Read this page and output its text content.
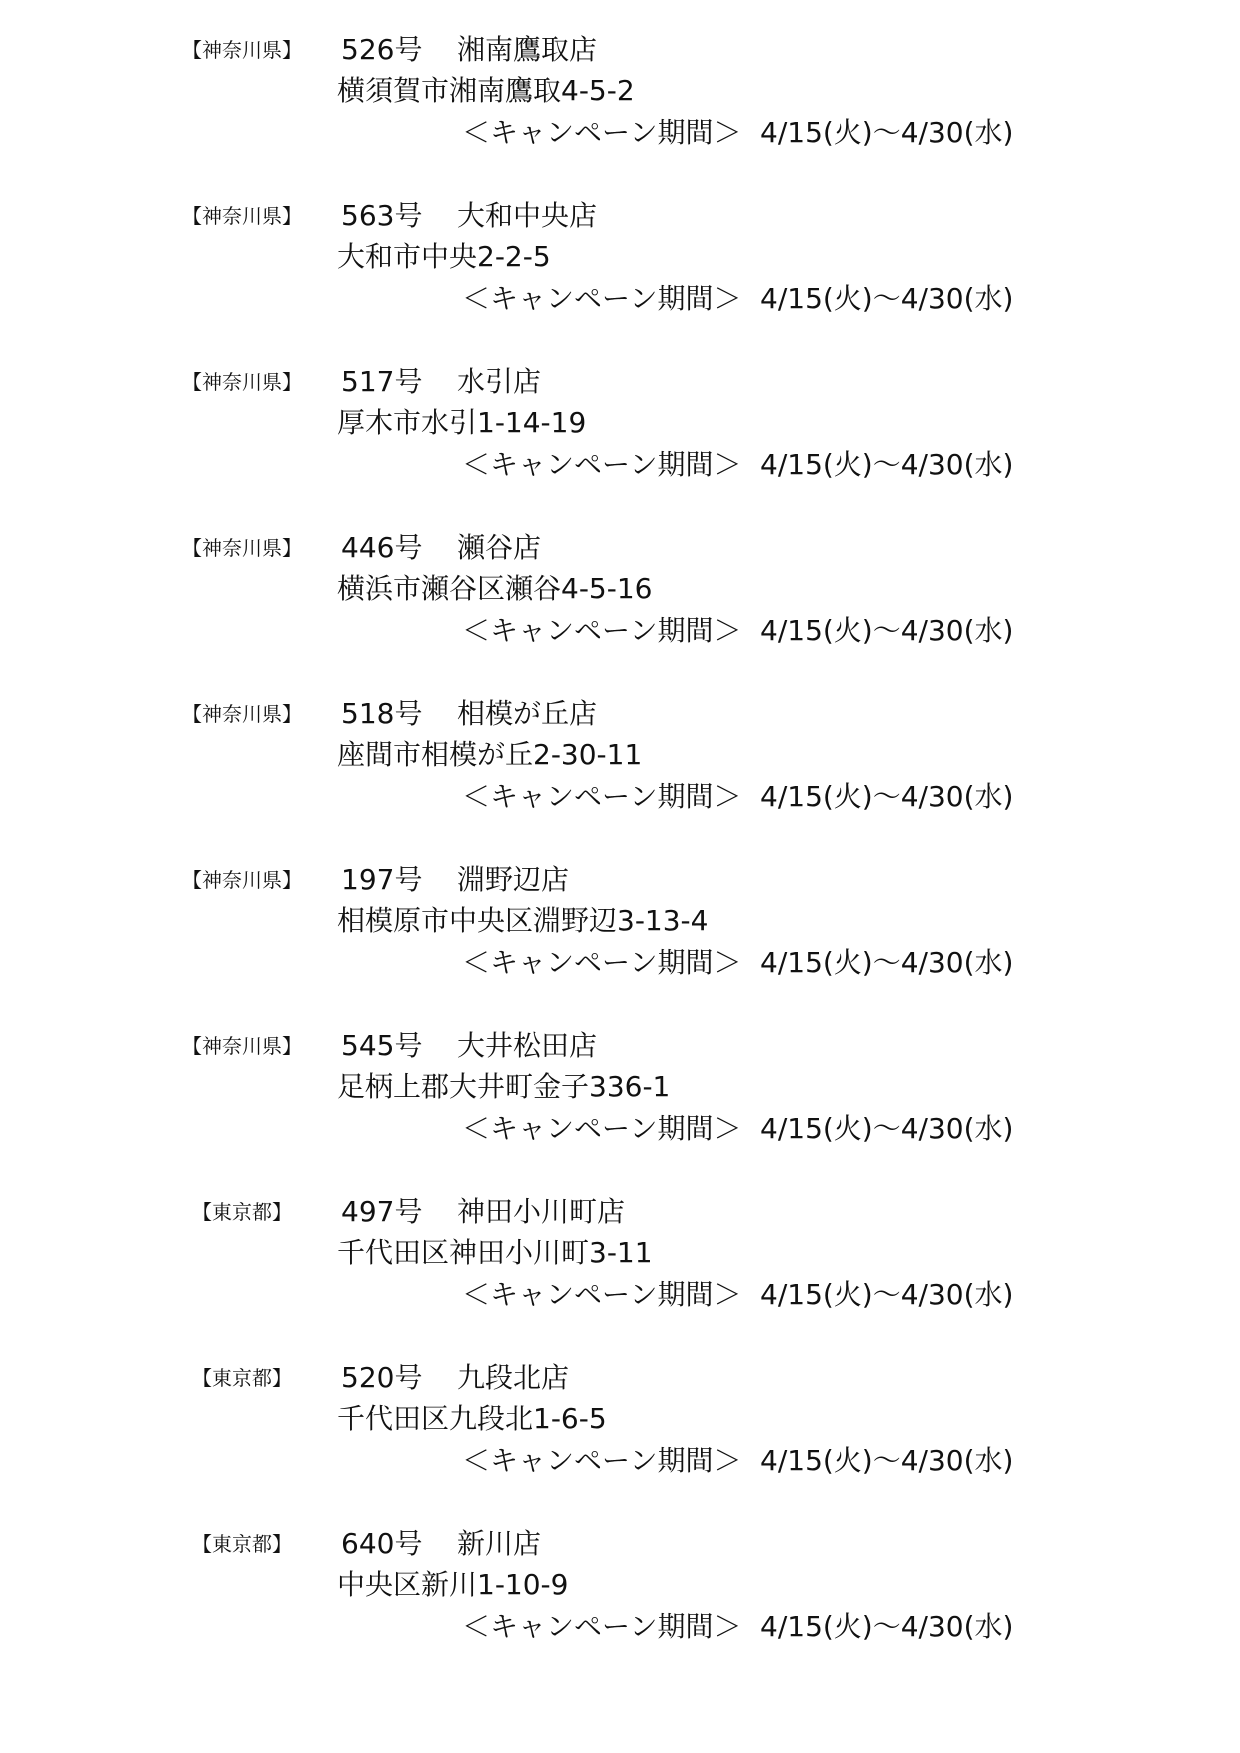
【神奈川県】	526号 湘南鷹取店
横須賀市湘南鷹取4-5-2
＜キャンペーン期間＞ 4/15(火)～4/30(水)
【神奈川県】	563号 大和中央店
大和市中央2-2-5
＜キャンペーン期間＞ 4/15(火)～4/30(水)
【神奈川県】	517号 水引店
厚木市水引1-14-19
＜キャンペーン期間＞ 4/15(火)～4/30(水)
【神奈川県】	446号 瀬谷店
横浜市瀬谷区瀬谷4-5-16
＜キャンペーン期間＞ 4/15(火)～4/30(水)
【神奈川県】	518号 相模が丘店
座間市相模が丘2-30-11
＜キャンペーン期間＞ 4/15(火)～4/30(水)
【神奈川県】	197号 淵野辺店
相模原市中央区淵野辺3-13-4
＜キャンペーン期間＞ 4/15(火)～4/30(水)
【神奈川県】	545号 大井松田店
足柄上郡大井町金子336-1
＜キャンペーン期間＞ 4/15(火)～4/30(水)
【東京都】	497号 神田小川町店
千代田区神田小川町3-11
＜キャンペーン期間＞ 4/15(火)～4/30(水)
【東京都】	520号 九段北店
千代田区九段北1-6-5
＜キャンペーン期間＞ 4/15(火)～4/30(水)
【東京都】	640号 新川店
中央区新川1-10-9
＜キャンペーン期間＞ 4/15(火)～4/30(水)
